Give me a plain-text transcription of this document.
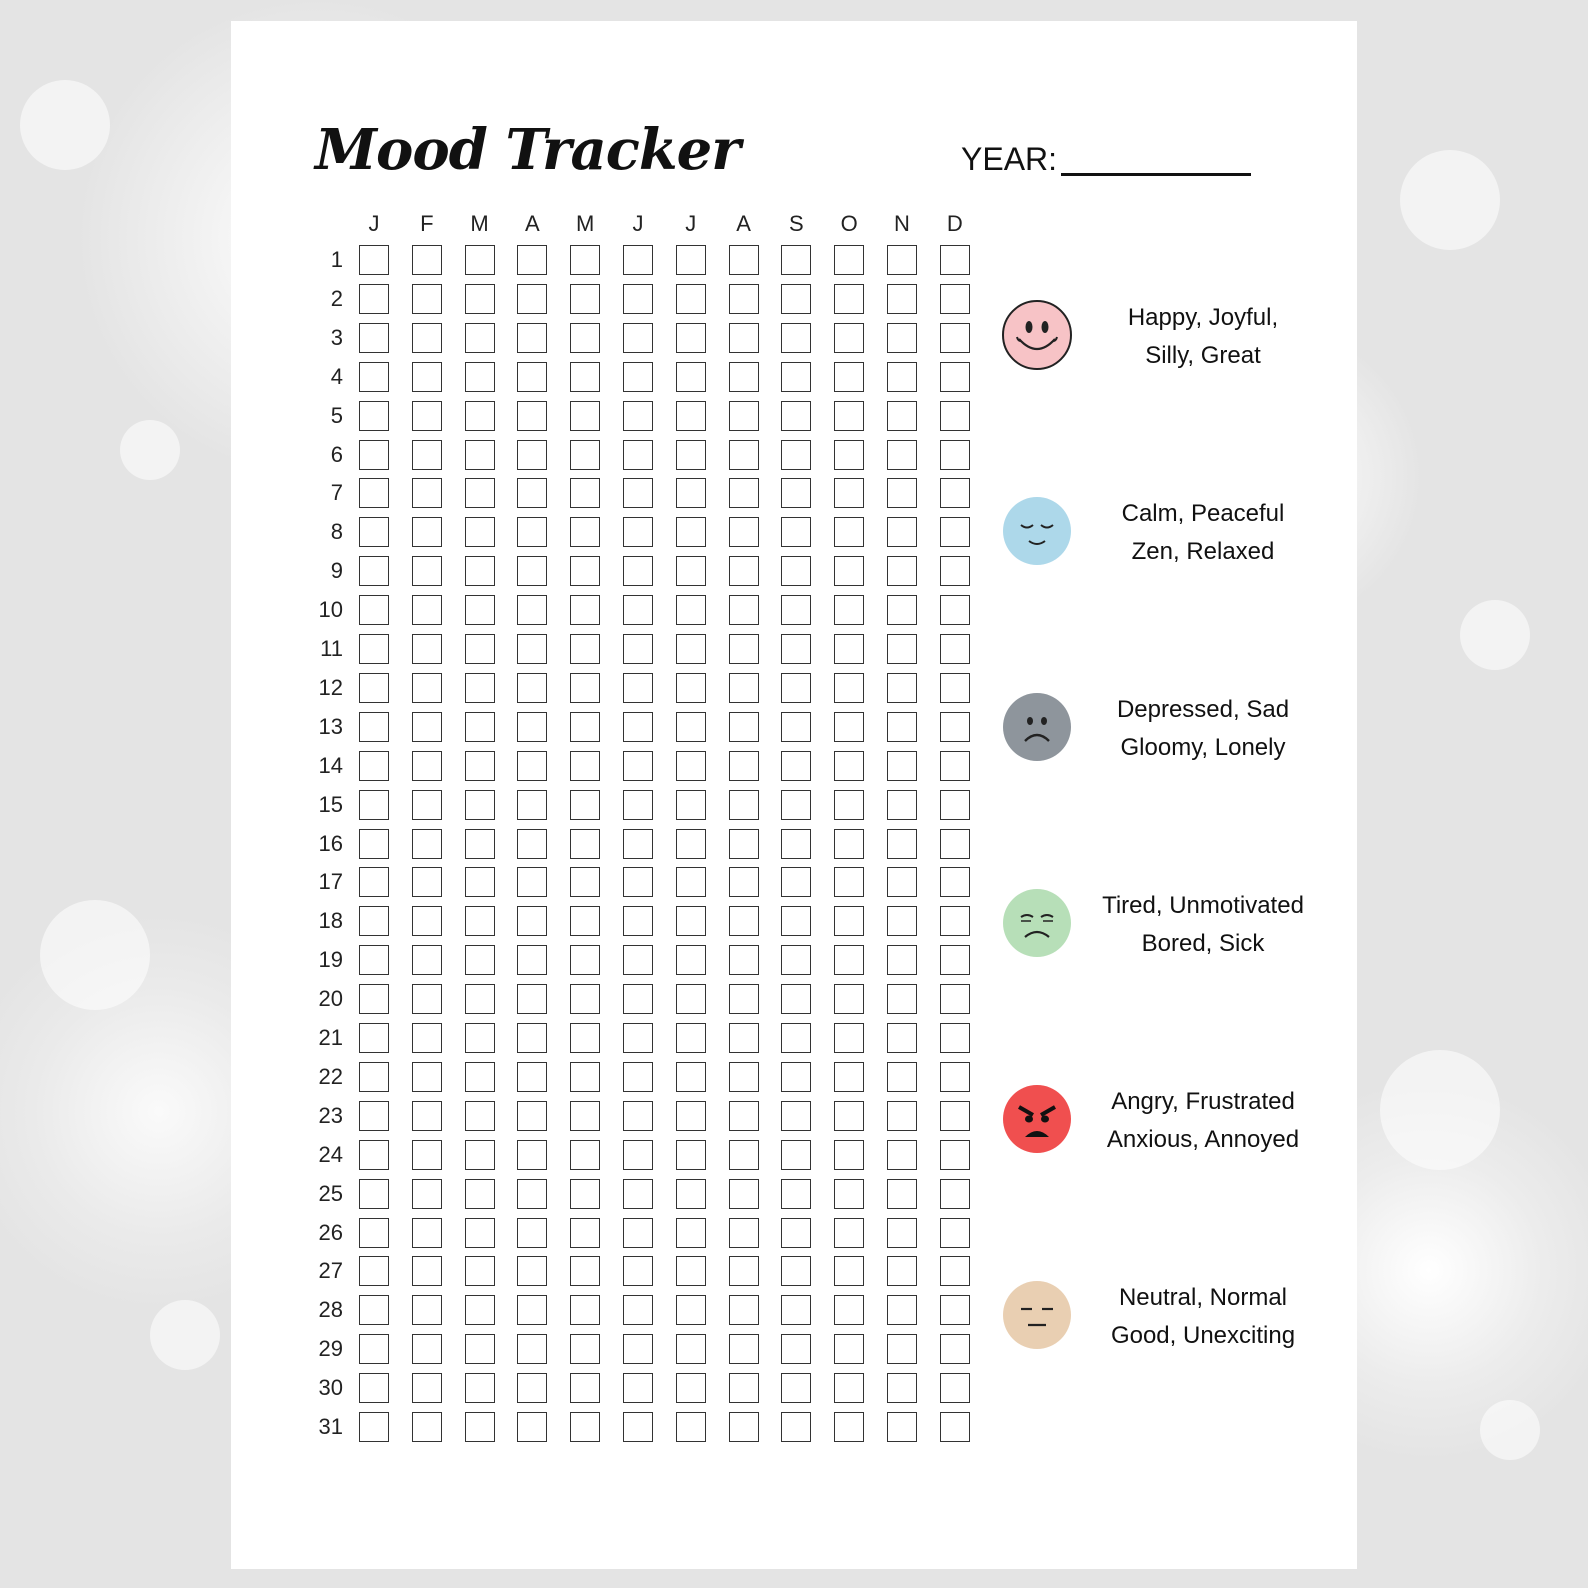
Mood Tracker	YEAR:
J	F	M	A	M	J	J	A	S	O	N	D
1
2
3
4
5
6
7
8
9
10
11
12
13
14
15
16
17
18
19
20
21
22
23
24
25
26
27
28
29
30
31
Happy, Joyful,
Silly, Great
Calm, Peaceful
Zen, Relaxed
Depressed, Sad
Gloomy, Lonely
Tired, Unmotivated
Bored, Sick
Angry, Frustrated
Anxious, Annoyed
Neutral, Normal
Good, Unexciting
